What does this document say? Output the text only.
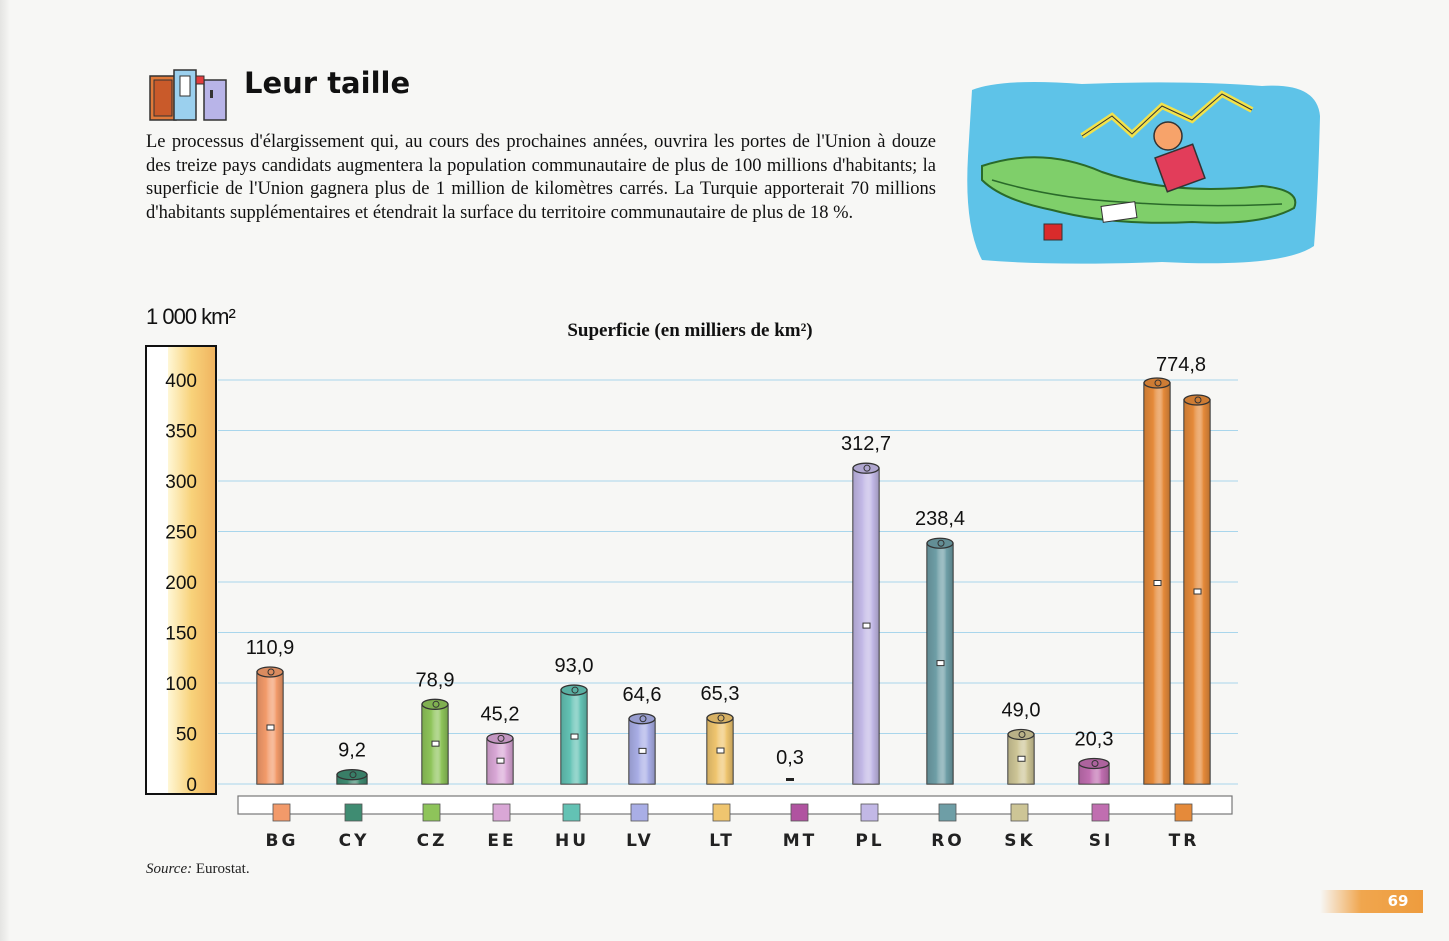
Leur taille
Le processus d'élargissement qui, au cours des prochaines années, ouvrira les portes de l'Union à douze des treize pays candidats augmentera la population communautaire de plus de 100 millions d'habitants; la superficie de l'Union gagnera plus de 1 million de kilomètres carrés. La Turquie apporterait 70 millions d'habitants supplémentaires et étendrait la surface du territoire communautaire de plus de 18 %.
1 000 km²
Superficie (en milliers de km²)
0
50
100
150
200
250
300
350
400
110,9
BG
9,2
CY
78,9
CZ
45,2
EE
93,0
HU
64,6
LV
65,3
LT
0,3
MT
312,7
PL
238,4
RO
49,0
SK
20,3
SI
774,8
TR
Source: Eurostat.
69
